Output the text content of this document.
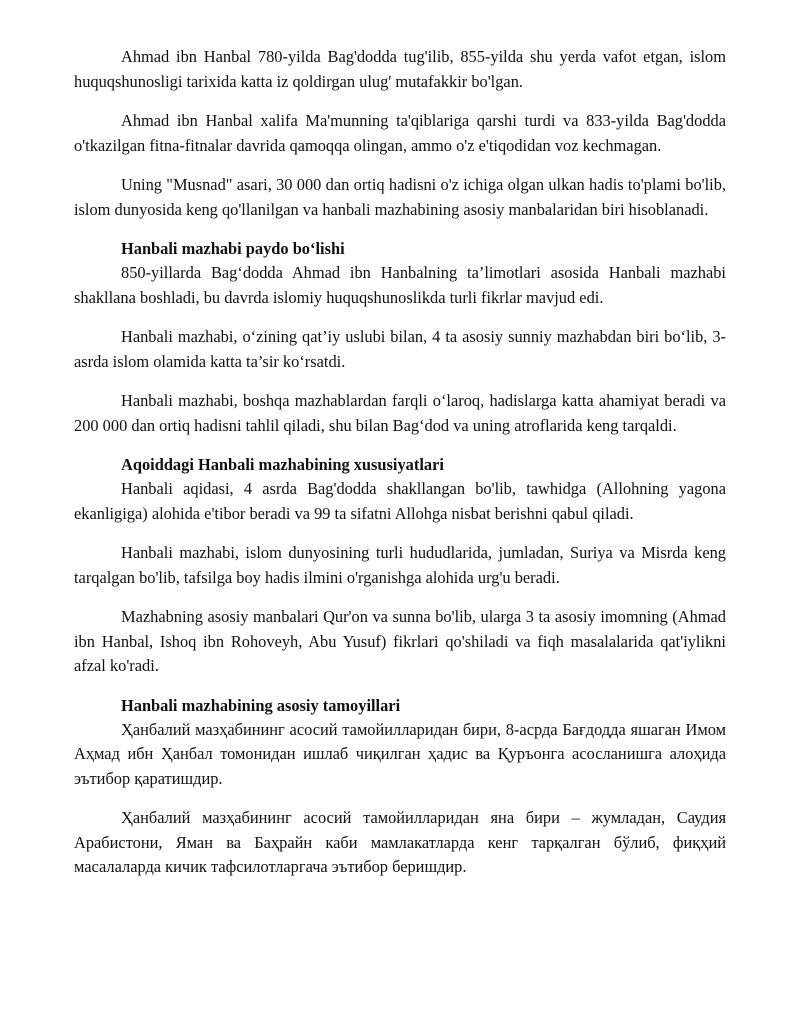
Ahmad ibn Hanbal 780-yilda Bag'dodda tug'ilib, 855-yilda shu yerda vafot etgan, islom huquqshunosligi tarixida katta iz qoldirgan ulug' mutafakkir bo'lgan.

Ahmad ibn Hanbal xalifa Ma'munning ta'qiblariga qarshi turdi va 833-yilda Bag'dodda o'tkazilgan fitna-fitnalar davrida qamoqqa olingan, ammo o'z e'tiqodidan voz kechmagan.

Uning "Musnad" asari, 30 000 dan ortiq hadisni o'z ichiga olgan ulkan hadis to'plami bo'lib, islom dunyosida keng qo'llanilgan va hanbali mazhabining asosiy manbalaridan biri hisoblanadi.

Hanbali mazhabi paydo bo‘lishi

850-yillarda Bag‘dodda Ahmad ibn Hanbalning ta’limotlari asosida Hanbali mazhabi shakllana boshladi, bu davrda islomiy huquqshunoslikda turli fikrlar mavjud edi.

Hanbali mazhabi, o‘zining qat’iy uslubi bilan, 4 ta asosiy sunniy mazhabdan biri bo‘lib, 3-asrda islom olamida katta ta’sir ko‘rsatdi.

Hanbali mazhabi, boshqa mazhablardan farqli o‘laroq, hadislarga katta ahamiyat beradi va 200 000 dan ortiq hadisni tahlil qiladi, shu bilan Bag‘dod va uning atroflarida keng tarqaldi.

Aqoiddagi Hanbali mazhabining xususiyatlari

Hanbali aqidasi, 4 asrda Bag'dodda shakllangan bo'lib, tawhidga (Allohning yagona ekanligiga) alohida e'tibor beradi va 99 ta sifatni Allohga nisbat berishni qabul qiladi.

Hanbali mazhabi, islom dunyosining turli hududlarida, jumladan, Suriya va Misrda keng tarqalgan bo'lib, tafsilga boy hadis ilmini o'rganishga alohida urg'u beradi.

Mazhabning asosiy manbalari Qur'on va sunna bo'lib, ularga 3 ta asosiy imomning (Ahmad ibn Hanbal, Ishoq ibn Rohoveyh, Abu Yusuf) fikrlari qo'shiladi va fiqh masalalarida qat'iylikni afzal ko'radi.

Hanbali mazhabining asosiy tamoyillari

Ҳанбалий мазҳабининг асосий тамойилларидан бири, 8-асрда Бағдодда яшаган Имом Аҳмад ибн Ҳанбал томонидан ишлаб чиқилган ҳадис ва Қуръонга асосланишга алоҳида эътибор қаратишдир.

Ҳанбалий мазҳабининг асосий тамойилларидан яна бири – жумладан, Саудия Арабистони, Яман ва Баҳрайн каби мамлакатларда кенг тарқалган бўлиб, фиқҳий масалаларда кичик тафсилотларгача эътибор беришдир.
